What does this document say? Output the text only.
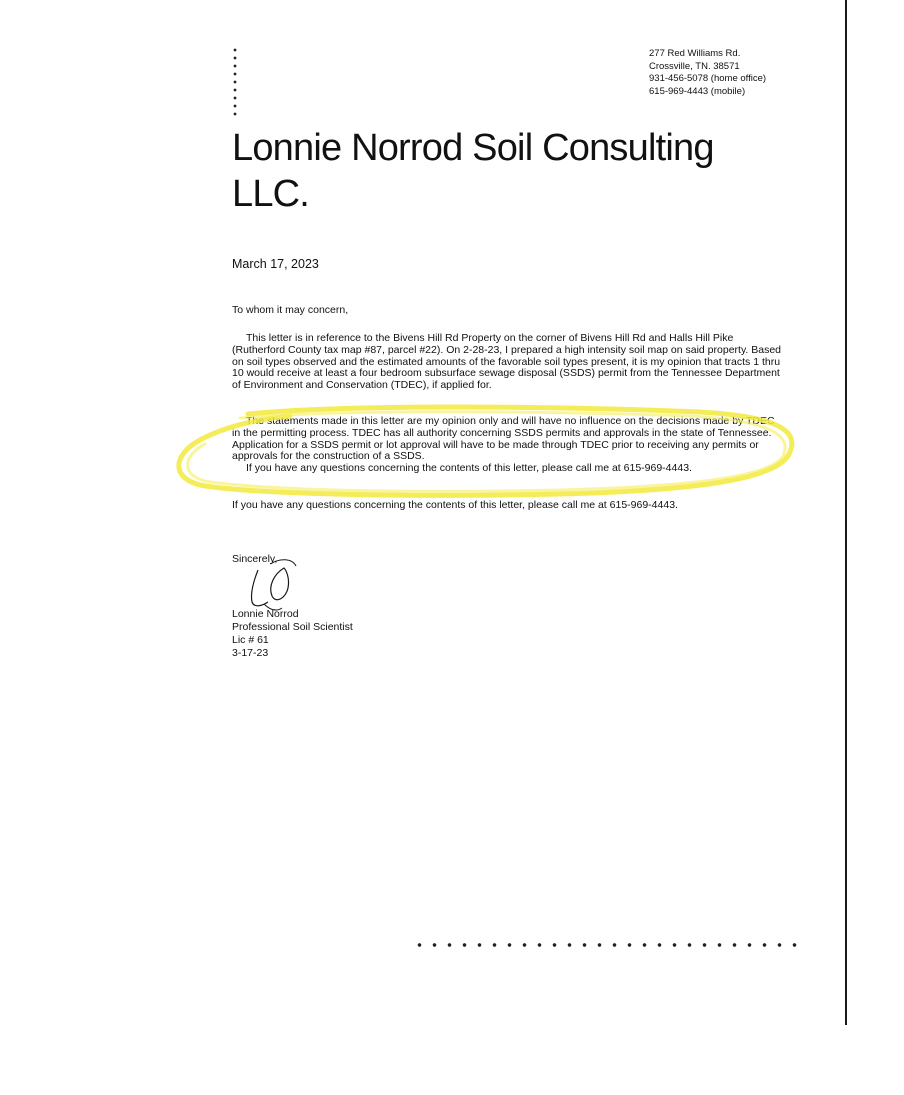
277 Red Williams Rd.
Crossville, TN. 38571
931-456-5078 (home office)
615-969-4443 (mobile)
Lonnie Norrod Soil Consulting
LLC.
March 17, 2023
To whom it may concern,

This letter is in reference to the Bivens Hill Rd Property on the corner of Bivens Hill Rd and Halls Hill Pike (Rutherford County tax map #87, parcel #22). On 2-28-23, I prepared a high intensity soil map on said property. Based on soil types observed and the estimated amounts of the favorable soil types present, it is my opinion that tracts 1 thru 10 would receive at least a four bedroom subsurface sewage disposal (SSDS) permit from the Tennessee Department of Environment and Conservation (TDEC), if applied for.

The statements made in this letter are my opinion only and will have no influence on the decisions made by TDEC in the permitting process. TDEC has all authority concerning SSDS permits and approvals in the state of Tennessee. Application for a SSDS permit or lot approval will have to be made through TDEC prior to receiving any permits or approvals for the construction of a SSDS.
If you have any questions concerning the contents of this letter, please call me at 615-969-4443.

If you have any questions concerning the contents of this letter, please call me at 615-969-4443.
Sincerely,
Lonnie Norrod
Professional Soil Scientist
Lic # 61
3-17-23
